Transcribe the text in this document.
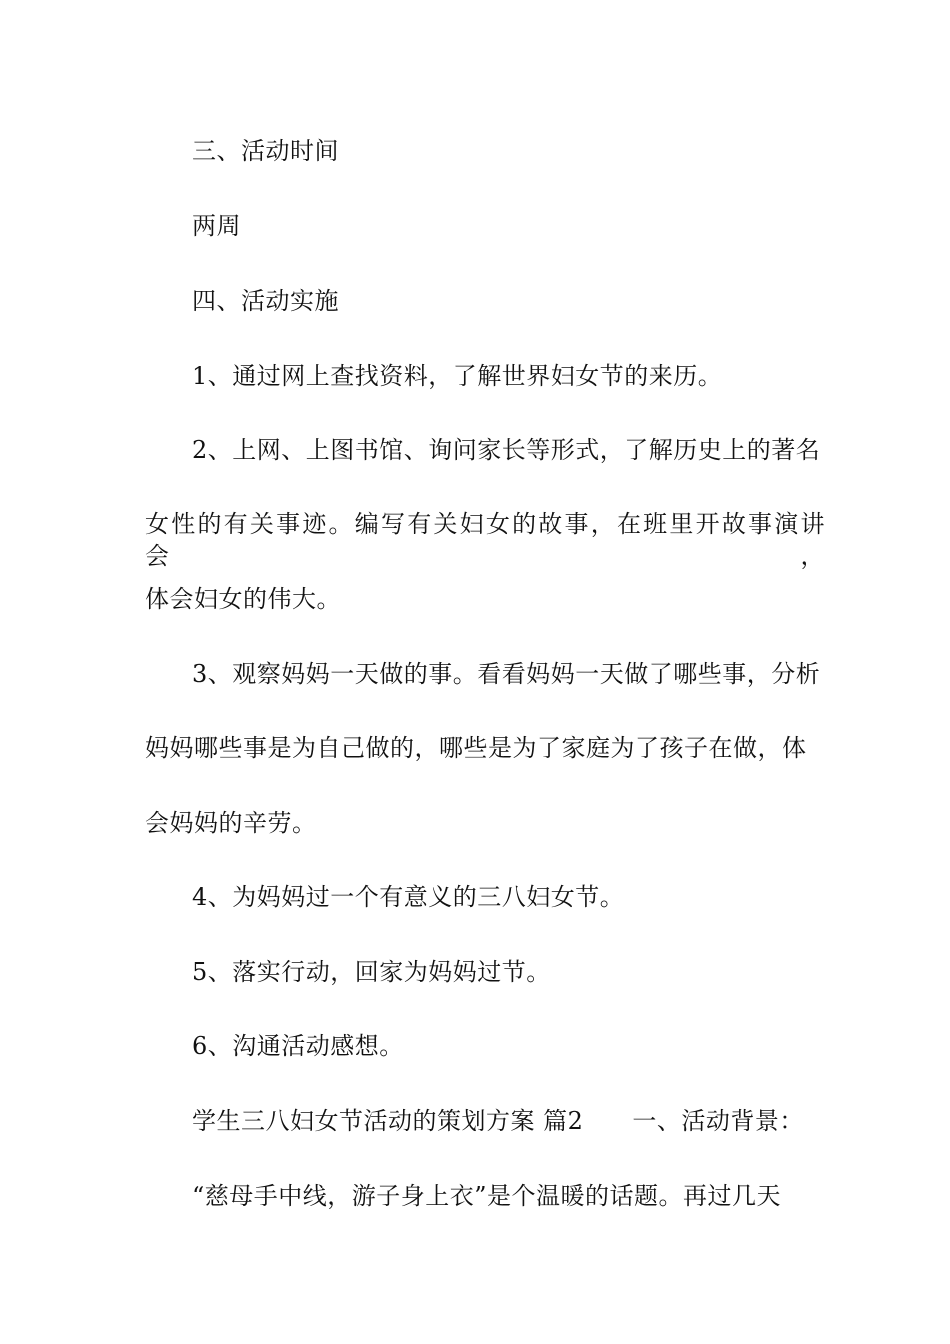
三、活动时间
两周
四、活动实施
1、通过网上查找资料，了解世界妇女节的来历。
2、上网、上图书馆、询问家长等形式，了解历史上的著名
女性的有关事迹。编写有关妇女的故事，在班里开故事演讲会，
体会妇女的伟大。
3、观察妈妈一天做的事。看看妈妈一天做了哪些事，分析
妈妈哪些事是为自己做的，哪些是为了家庭为了孩子在做，体
会妈妈的辛劳。
4、为妈妈过一个有意义的三八妇女节。
5、落实行动，回家为妈妈过节。
6、沟通活动感想。
学生三八妇女节活动的策划方案 篇2　　一、活动背景：
“慈母手中线，游子身上衣”是个温暖的话题。再过几天
